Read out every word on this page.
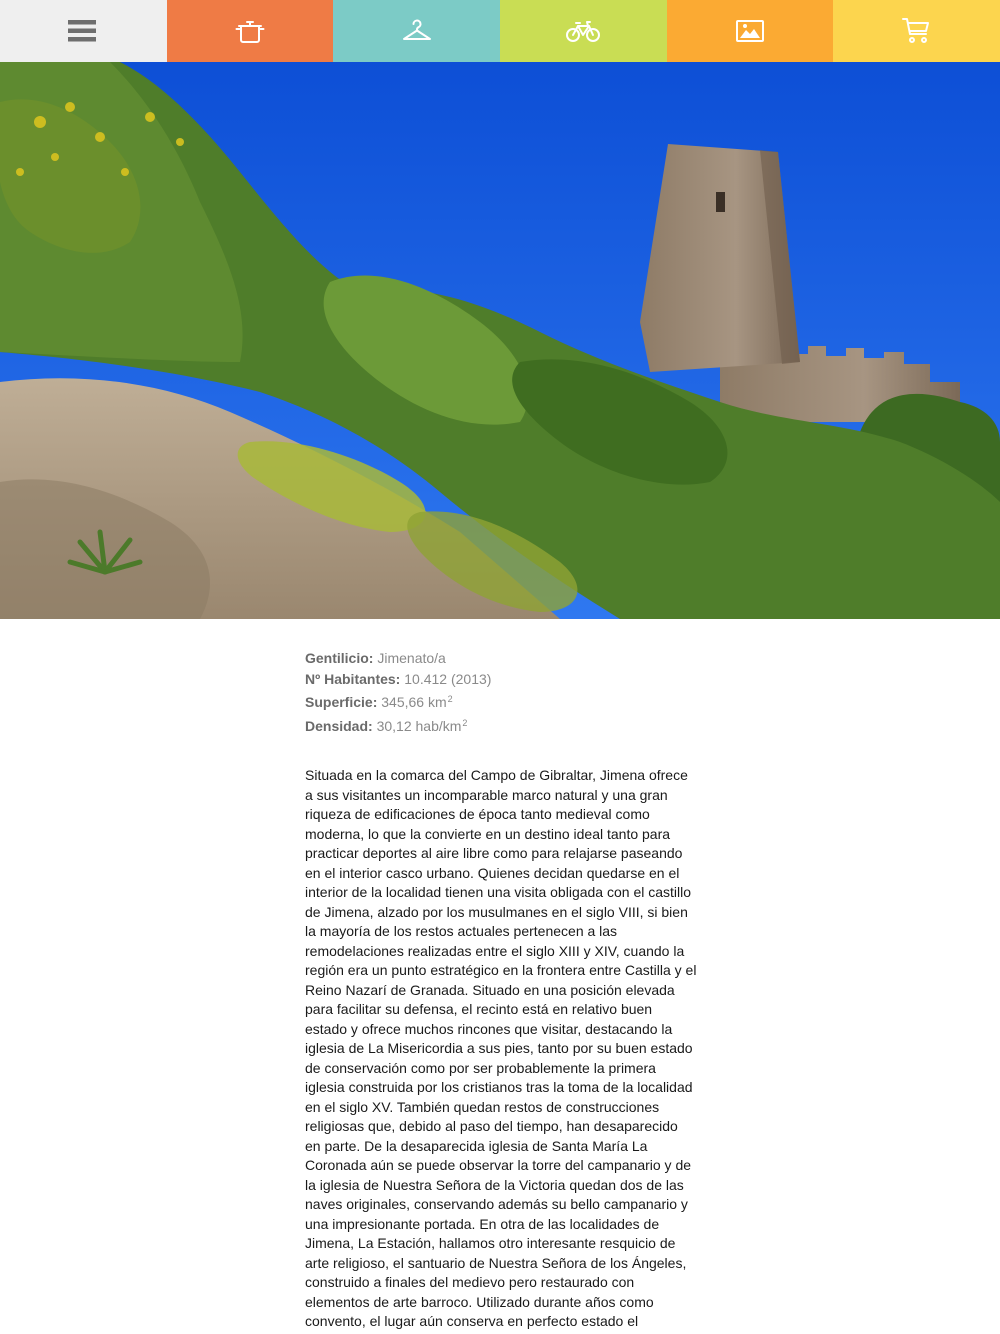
Gentilicio: Jimenato/a
Nº Habitantes: 10.412 (2013)
Superficie: 345,66 $km^2$
Densidad: 30,12 hab/$km^2$

Situada en la comarca del Campo de Gibraltar, Jimena ofrece a sus visitantes un incomparable marco natural y una gran riqueza de edificaciones de época tanto medieval como moderna, lo que la convierte en un destino ideal tanto para practicar deportes al aire libre como para relajarse paseando en el interior casco urbano. Quienes decidan quedarse en el interior de la localidad tienen una visita obligada con el castillo de Jimena, alzado por los musulmanes en el siglo VIII, si bien la mayoría de los restos actuales pertenecen a las remodelaciones realizadas entre el siglo XIII y XIV, cuando la región era un punto estratégico en la frontera entre Castilla y el Reino Nazarí de Granada. Situado en una posición elevada para facilitar su defensa, el recinto está en relativo buen estado y ofrece muchos rincones que visitar, destacando la iglesia de La Misericordia a sus pies, tanto por su buen estado de conservación como por ser probablemente la primera iglesia construida por los cristianos tras la toma de la localidad en el siglo XV. También quedan restos de construcciones religiosas que, debido al paso del tiempo, han desaparecido en parte. De la desaparecida iglesia de Santa María La Coronada aún se puede observar la torre del campanario y de la iglesia de Nuestra Señora de la Victoria quedan dos de las naves originales, conservando además su bello campanario y una impresionante portada. En otra de las localidades de Jimena, La Estación, hallamos otro interesante resquicio de arte religioso, el santuario de Nuestra Señora de los Ángeles, construido a finales del medievo pero restaurado con elementos de arte barroco. Utilizado durante años como convento, el lugar aún conserva en perfecto estado el
